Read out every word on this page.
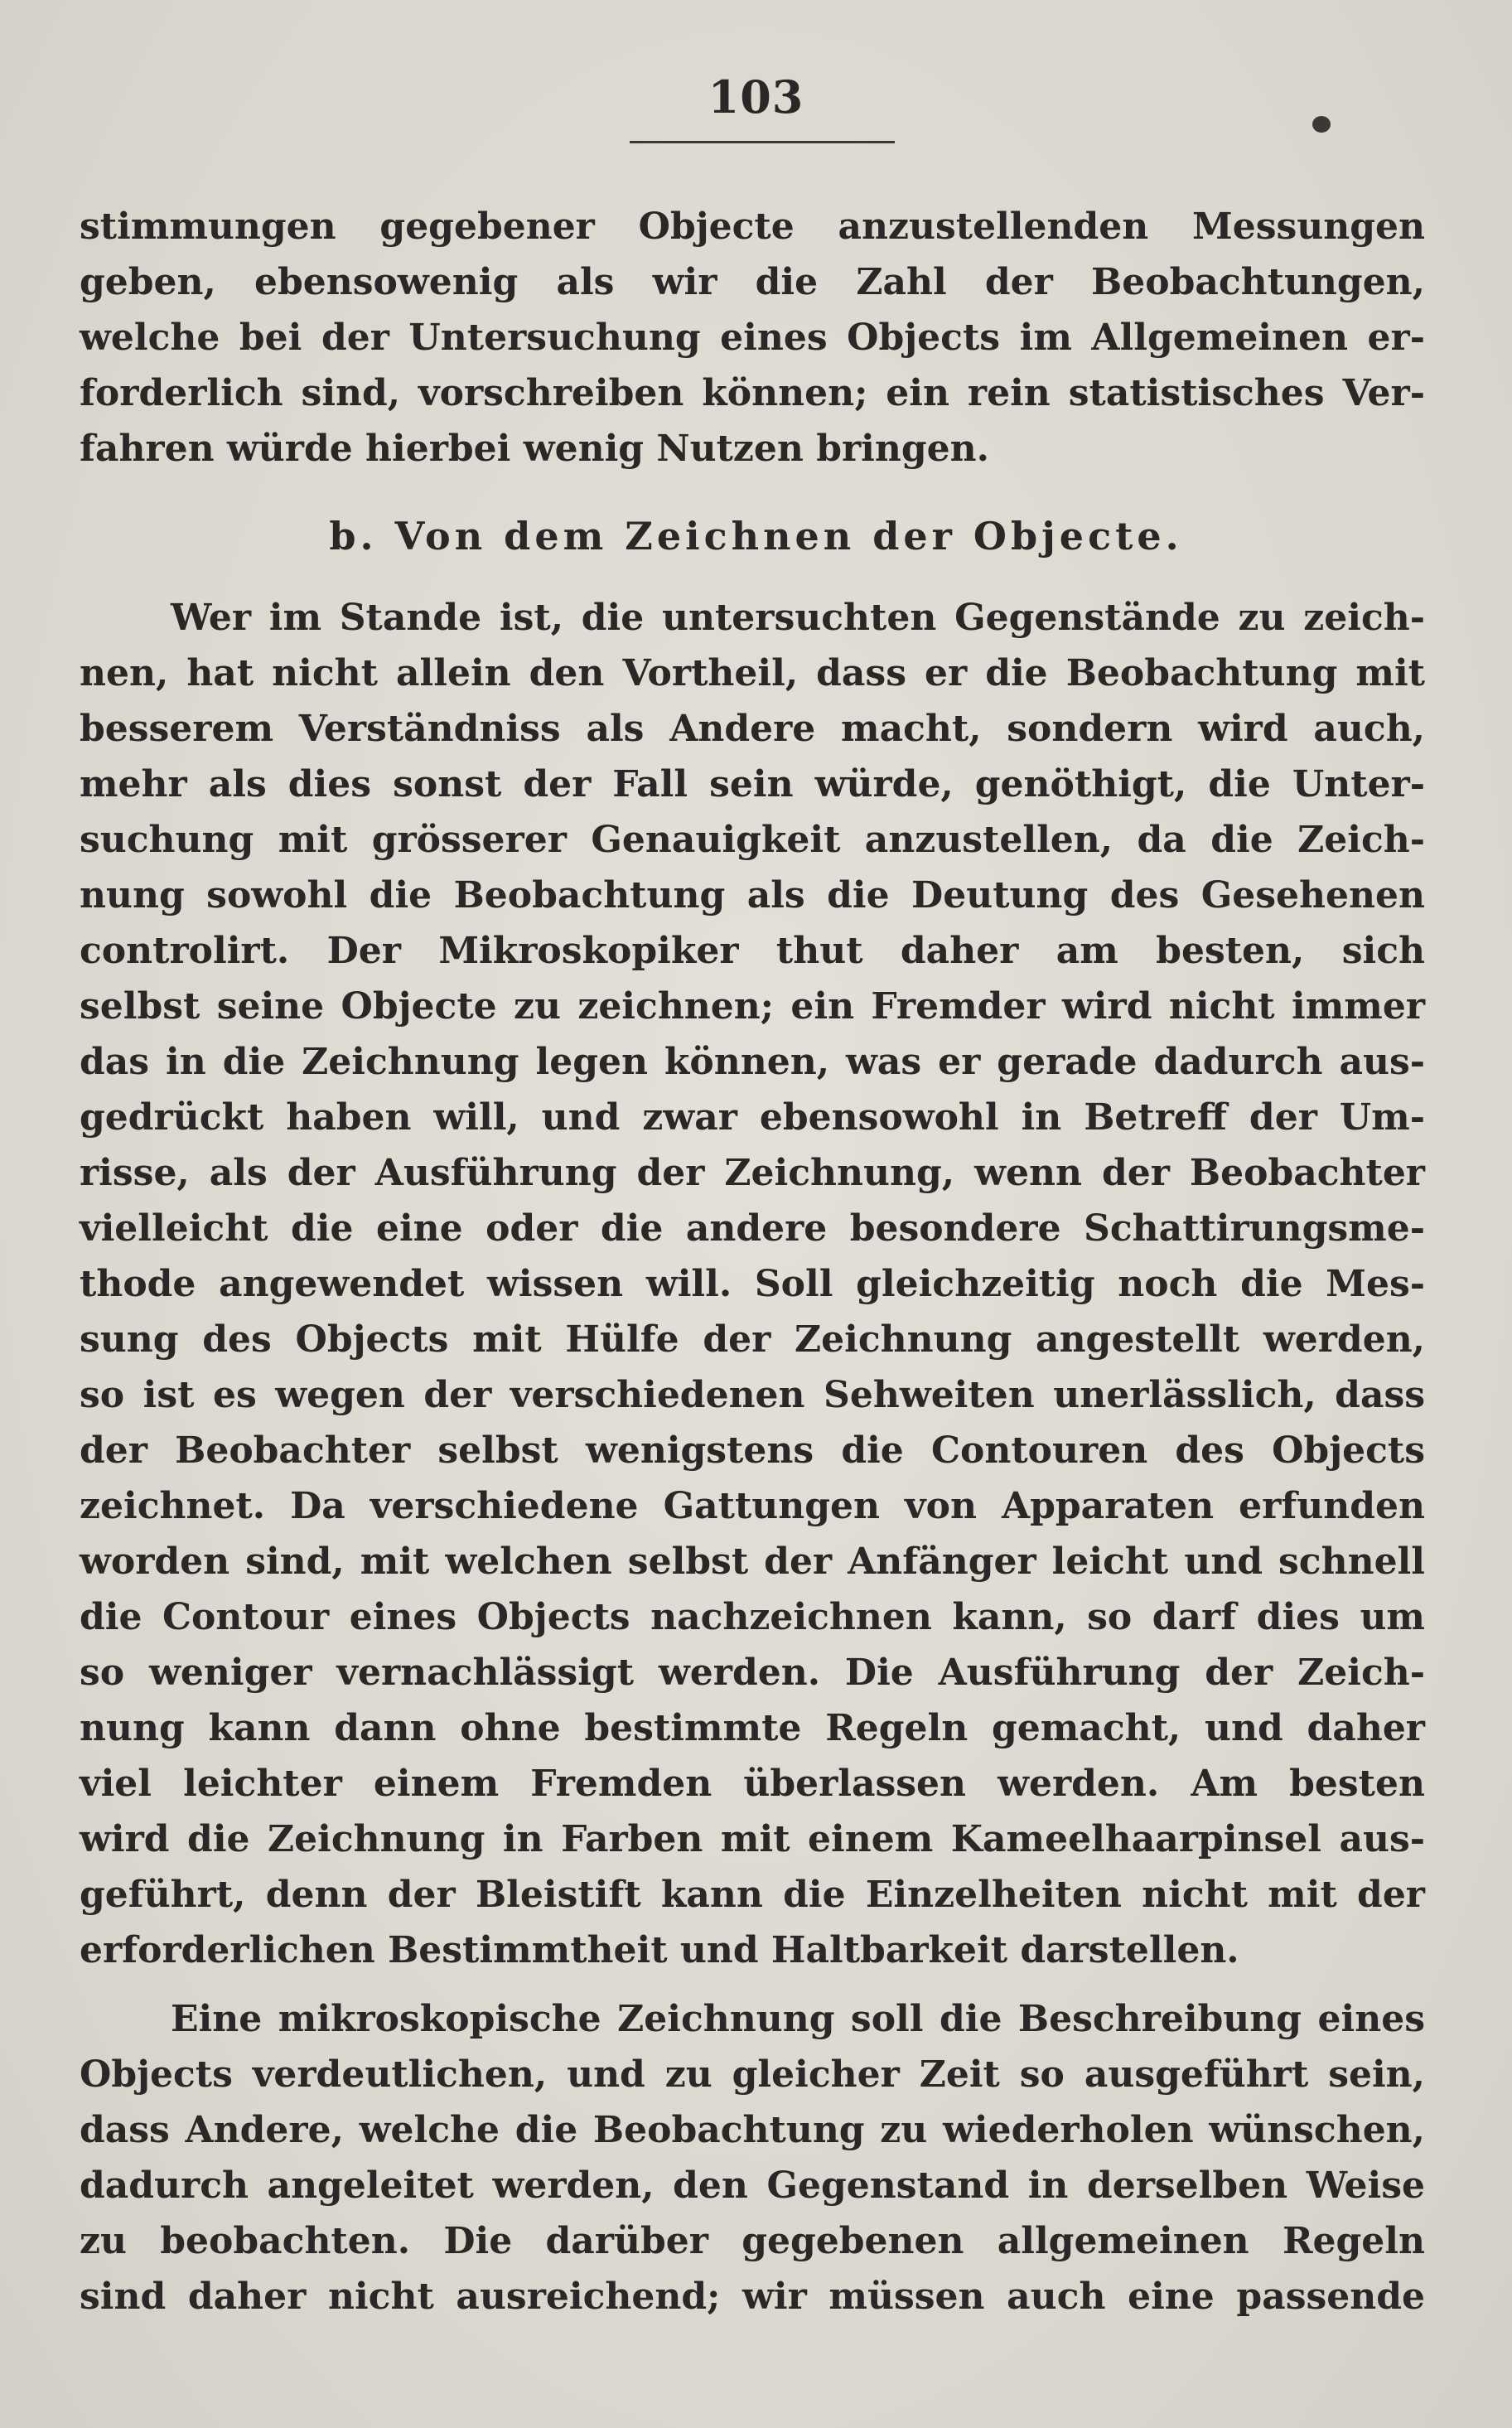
103
stimmungen gegebener Objecte anzustellenden Messungen
geben, ebensowenig als wir die Zahl der Beobachtungen,
welche bei der Untersuchung eines Objects im Allgemeinen er-
forderlich sind, vorschreiben können; ein rein statistisches Ver-
fahren würde hierbei wenig Nutzen bringen.
b. Von dem Zeichnen der Objecte.
Wer im Stande ist, die untersuchten Gegenstände zu zeich-
nen, hat nicht allein den Vortheil, dass er die Beobachtung mit
besserem Verständniss als Andere macht, sondern wird auch,
mehr als dies sonst der Fall sein würde, genöthigt, die Unter-
suchung mit grösserer Genauigkeit anzustellen, da die Zeich-
nung sowohl die Beobachtung als die Deutung des Gesehenen
controlirt. Der Mikroskopiker thut daher am besten, sich
selbst seine Objecte zu zeichnen; ein Fremder wird nicht immer
das in die Zeichnung legen können, was er gerade dadurch aus-
gedrückt haben will, und zwar ebensowohl in Betreff der Um-
risse, als der Ausführung der Zeichnung, wenn der Beobachter
vielleicht die eine oder die andere besondere Schattirungsme-
thode angewendet wissen will. Soll gleichzeitig noch die Mes-
sung des Objects mit Hülfe der Zeichnung angestellt werden,
so ist es wegen der verschiedenen Sehweiten unerlässlich, dass
der Beobachter selbst wenigstens die Contouren des Objects
zeichnet. Da verschiedene Gattungen von Apparaten erfunden
worden sind, mit welchen selbst der Anfänger leicht und schnell
die Contour eines Objects nachzeichnen kann, so darf dies um
so weniger vernachlässigt werden. Die Ausführung der Zeich-
nung kann dann ohne bestimmte Regeln gemacht, und daher
viel leichter einem Fremden überlassen werden. Am besten
wird die Zeichnung in Farben mit einem Kameelhaarpinsel aus-
geführt, denn der Bleistift kann die Einzelheiten nicht mit der
erforderlichen Bestimmtheit und Haltbarkeit darstellen.
Eine mikroskopische Zeichnung soll die Beschreibung eines
Objects verdeutlichen, und zu gleicher Zeit so ausgeführt sein,
dass Andere, welche die Beobachtung zu wiederholen wünschen,
dadurch angeleitet werden, den Gegenstand in derselben Weise
zu beobachten. Die darüber gegebenen allgemeinen Regeln
sind daher nicht ausreichend; wir müssen auch eine passende
